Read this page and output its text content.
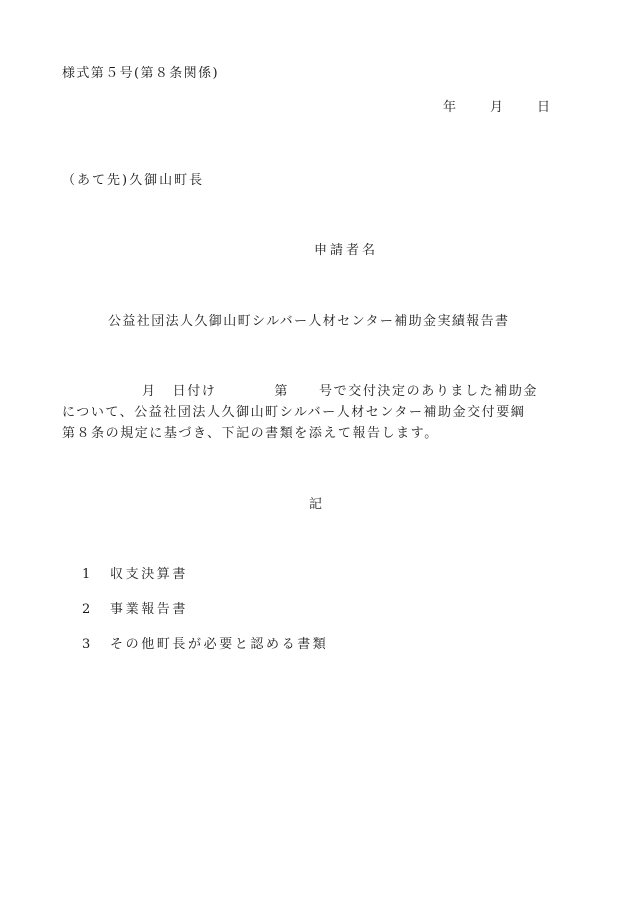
様式第５号(第８条関係)
年	月	日
（あて先)久御山町長
申請者名
公益社団法人久御山町シルバー人材センター補助金実績報告書
月 日付け	第 号で交付決定のありました補助金
について、公益社団法人久御山町シルバー人材センター補助金交付要綱
第８条の規定に基づき、下記の書類を添えて報告します。
記
1 収支決算書
2 事業報告書
3 その他町長が必要と認める書類
